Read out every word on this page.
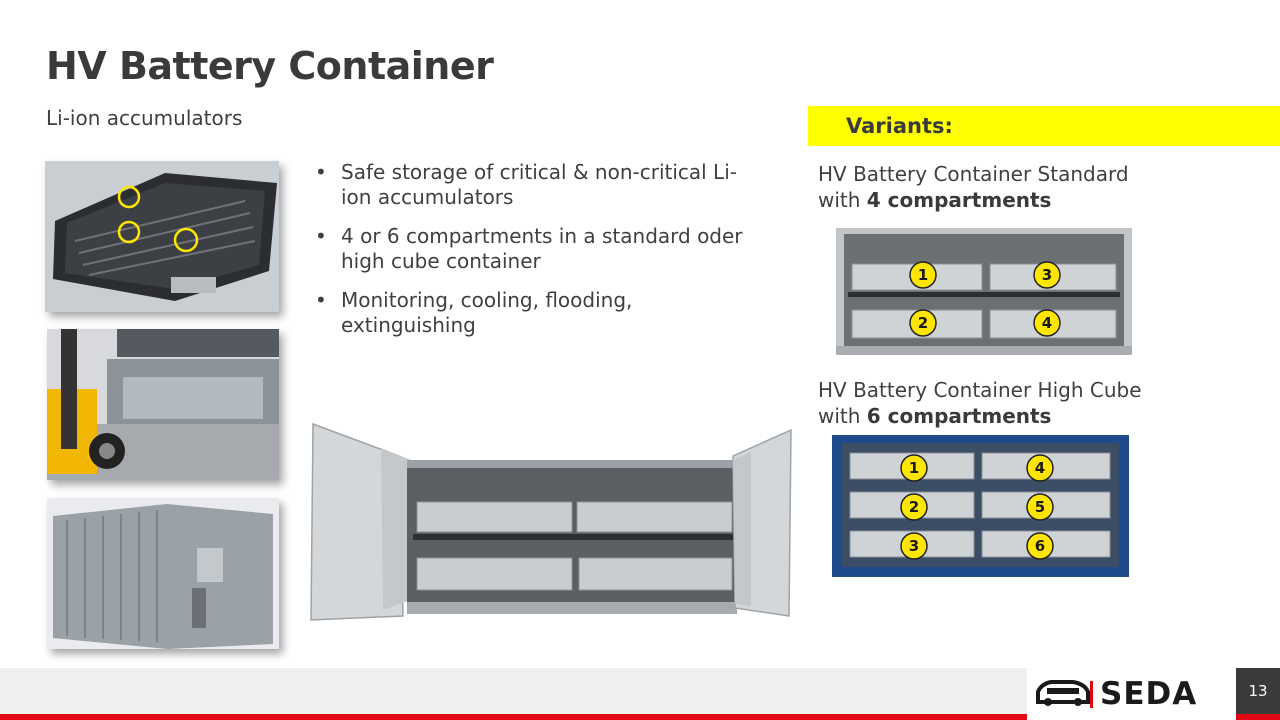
HV Battery Container
Li-ion accumulators
• Safe storage of critical & non-critical Li-ion accumulators
• 4 or 6 compartments in a standard oder high cube container
• Monitoring, cooling, flooding, extinguishing
Variants:
HV Battery Container Standard
with 4 compartments
1
2
3
4
HV Battery Container High Cube
with 6 compartments
1
2
3
4
5
6
SEDA	13
